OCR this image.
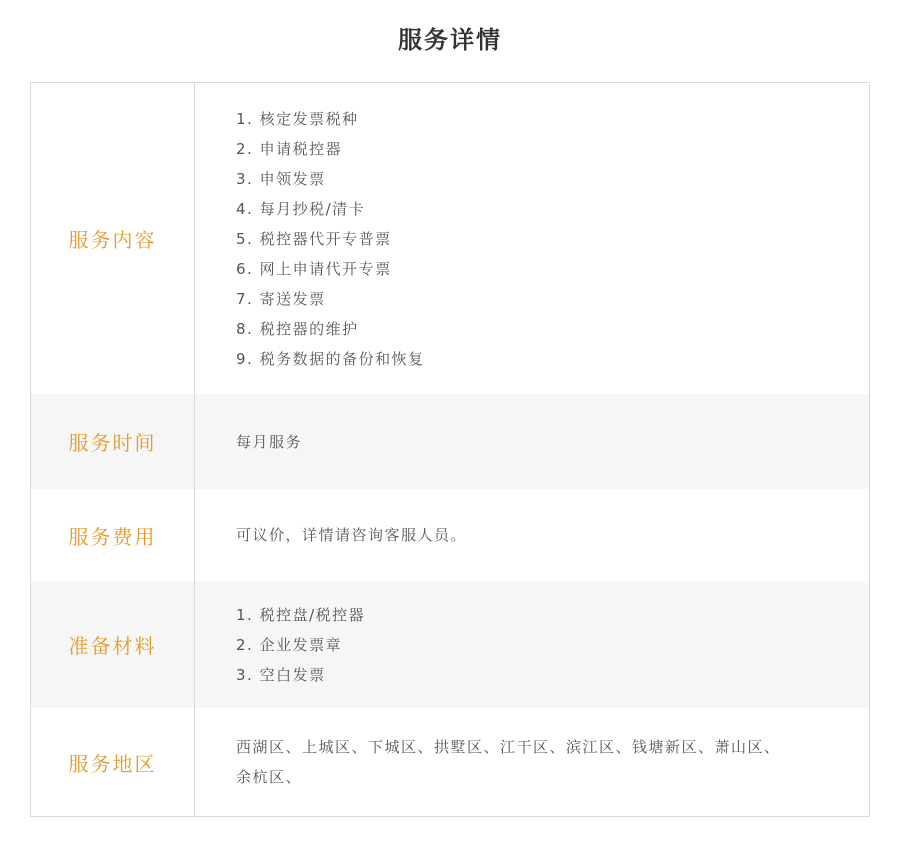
服务详情
服务内容
1. 核定发票税种
2. 申请税控器
3. 申领发票
4. 每月抄税/清卡
5. 税控器代开专普票
6. 网上申请代开专票
7. 寄送发票
8. 税控器的维护
9. 税务数据的备份和恢复
服务时间	每月服务
服务费用	可议价，详情请咨询客服人员。
准备材料
1. 税控盘/税控器
2. 企业发票章
3. 空白发票
服务地区
西湖区、上城区、下城区、拱墅区、江干区、滨江区、钱塘新区、萧山区、
余杭区、
